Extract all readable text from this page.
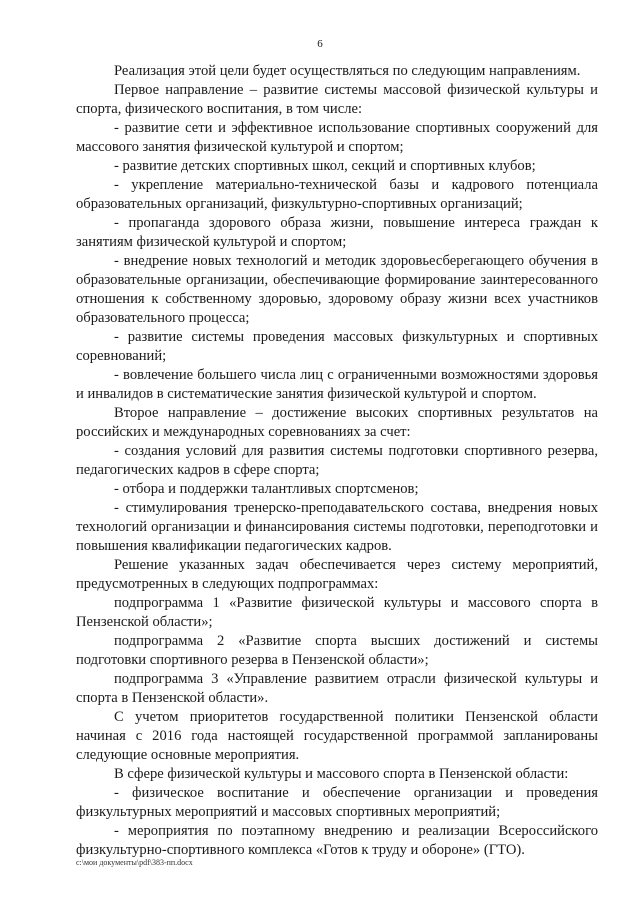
6

Реализация этой цели будет осуществляться по следующим направлениям.

Первое направление – развитие системы массовой физической культуры и спорта, физического воспитания, в том числе:

- развитие сети и эффективное использование спортивных сооружений для массового занятия физической культурой и спортом;

- развитие детских спортивных школ, секций и спортивных клубов;

- укрепление материально-технической базы и кадрового потенциала образовательных организаций, физкультурно-спортивных организаций;

- пропаганда здорового образа жизни, повышение интереса граждан к занятиям физической культурой и спортом;

- внедрение новых технологий и методик здоровьесберегающего обучения в образовательные организации, обеспечивающие формирование заинтересованного отношения к собственному здоровью, здоровому образу жизни всех участников образовательного процесса;

- развитие системы проведения массовых физкультурных и спортивных соревнований;

- вовлечение большего числа лиц с ограниченными возможностями здоровья и инвалидов в систематические занятия физической культурой и спортом.

Второе направление – достижение высоких спортивных результатов на российских и международных соревнованиях за счет:

- создания условий для развития системы подготовки спортивного резерва, педагогических кадров в сфере спорта;

- отбора и поддержки талантливых спортсменов;

- стимулирования тренерско-преподавательского состава, внедрения новых технологий организации и финансирования системы подготовки, переподготовки и повышения квалификации педагогических кадров.

Решение указанных задач обеспечивается через систему мероприятий, предусмотренных в следующих подпрограммах:

подпрограмма 1 «Развитие физической культуры и массового спорта в Пензенской области»;

подпрограмма 2 «Развитие спорта высших достижений и системы подготовки спортивного резерва в Пензенской области»;

подпрограмма 3 «Управление развитием отрасли физической культуры и спорта в Пензенской области».

С учетом приоритетов государственной политики Пензенской области начиная с 2016 года настоящей государственной программой запланированы следующие основные мероприятия.

В сфере физической культуры и массового спорта в Пензенской области:

- физическое воспитание и обеспечение организации и проведения физкультурных мероприятий и массовых спортивных мероприятий;

- мероприятия по поэтапному внедрению и реализации Всероссийского физкультурно-спортивного комплекса «Готов к труду и обороне» (ГТО).

c:\мои документы\pdf\383-пп.docx
